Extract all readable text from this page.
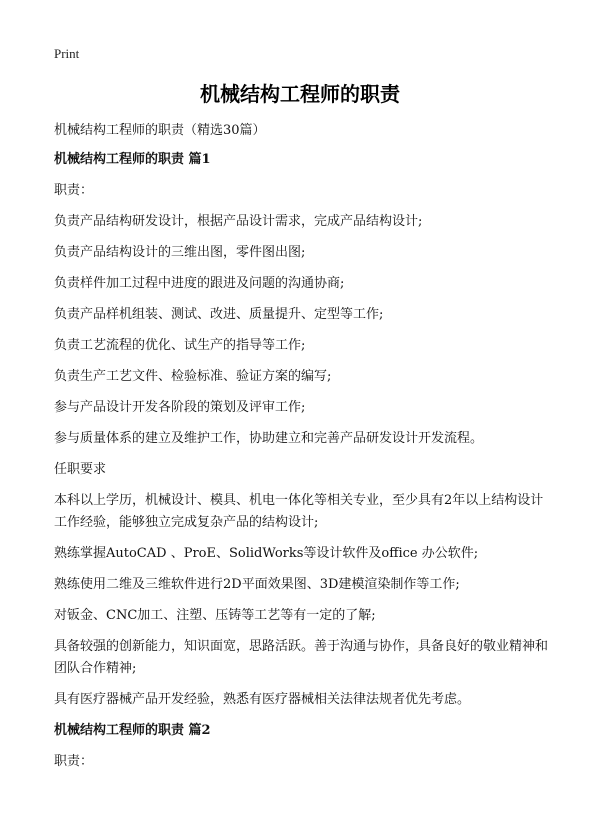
Print
机械结构工程师的职责
机械结构工程师的职责（精选30篇）
机械结构工程师的职责 篇1
职责：
负责产品结构研发设计，根据产品设计需求，完成产品结构设计;
负责产品结构设计的三维出图，零件图出图;
负责样件加工过程中进度的跟进及问题的沟通协商;
负责产品样机组装、测试、改进、质量提升、定型等工作;
负责工艺流程的优化、试生产的指导等工作;
负责生产工艺文件、检验标准、验证方案的编写;
参与产品设计开发各阶段的策划及评审工作;
参与质量体系的建立及维护工作，协助建立和完善产品研发设计开发流程。
任职要求
本科以上学历，机械设计、模具、机电一体化等相关专业，至少具有2年以上结构设计工作经验，能够独立完成复杂产品的结构设计;
熟练掌握AutoCAD 、ProE、SolidWorks等设计软件及office 办公软件;
熟练使用二维及三维软件进行2D平面效果图、3D建模渲染制作等工作;
对钣金、CNC加工、注塑、压铸等工艺等有一定的了解;
具备较强的创新能力，知识面宽，思路活跃。善于沟通与协作，具备良好的敬业精神和团队合作精神;
具有医疗器械产品开发经验，熟悉有医疗器械相关法律法规者优先考虑。
机械结构工程师的职责 篇2
职责：
